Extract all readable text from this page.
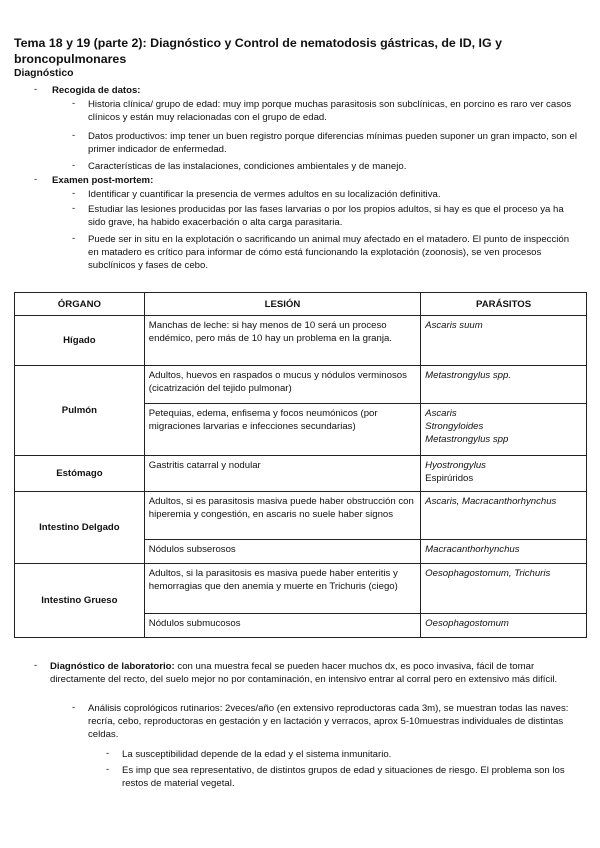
Tema 18 y 19 (parte 2): Diagnóstico y Control de nematodosis gástricas, de ID, IG y broncopulmonares
Diagnóstico
- Recogida de datos:
- Historia clínica/ grupo de edad: muy imp porque muchas parasitosis son subclínicas, en porcino es raro ver casos clínicos y están muy relacionadas con el grupo de edad.
- Datos productivos: imp tener un buen registro porque diferencias mínimas pueden suponer un gran impacto, son el primer indicador de enfermedad.
- Características de las instalaciones, condiciones ambientales y de manejo.
- Examen post-mortem:
- Identificar y cuantificar la presencia de vermes adultos en su localización definitiva.
- Estudiar las lesiones producidas por las fases larvarias o por los propios adultos, si hay es que el proceso ya ha sido grave, ha habido exacerbación o alta carga parasitaria.
- Puede ser in situ en la explotación o sacrificando un animal muy afectado en el matadero. El punto de inspección en matadero es crítico para informar de cómo está funcionando la explotación (zoonosis), se ven procesos subclínicos y fases de cebo.
ÓRGANO	LESIÓN	PARÁSITOS
Hígado	Manchas de leche: si hay menos de 10 será un proceso endémico, pero más de 10 hay un problema en la granja.	Ascaris suum
Pulmón	Adultos, huevos en raspados o mucus y nódulos verminosos (cicatrización del tejido pulmonar)	Metastrongylus spp.
	Petequias, edema, enfisema y focos neumónicos (por migraciones larvarias e infecciones secundarias)	Ascaris
Strongyloides
Metastrongylus spp

Estómago	Gastritis catarral y nodular	Hyostrongylus
Espirúridos

Intestino Delgado	Adultos, si es parasitosis masiva puede haber obstrucción con hiperemia y congestión, en ascaris no suele haber signos	Ascaris, Macracanthorhynchus
	Nódulos subserosos	Macracanthorhynchus
Intestino Grueso	Adultos, si la parasitosis es masiva puede haber enteritis y hemorragias que den anemia y muerte en Trichuris (ciego)	Oesophagostomum, Trichuris
	Nódulos submucosos	Oesophagostomum
- Diagnóstico de laboratorio: con una muestra fecal se pueden hacer muchos dx, es poco invasiva, fácil de tomar directamente del recto, del suelo mejor no por contaminación, en intensivo entrar al corral pero en extensivo más difícil.
- Análisis coprológicos rutinarios: 2veces/año (en extensivo reproductoras cada 3m), se muestran todas las naves: recría, cebo, reproductoras en gestación y en lactación y verracos, aprox 5-10muestras individuales de distintas celdas.
- La susceptibilidad depende de la edad y el sistema inmunitario.
- Es imp que sea representativo, de distintos grupos de edad y situaciones de riesgo. El problema son los restos de material vegetal.
